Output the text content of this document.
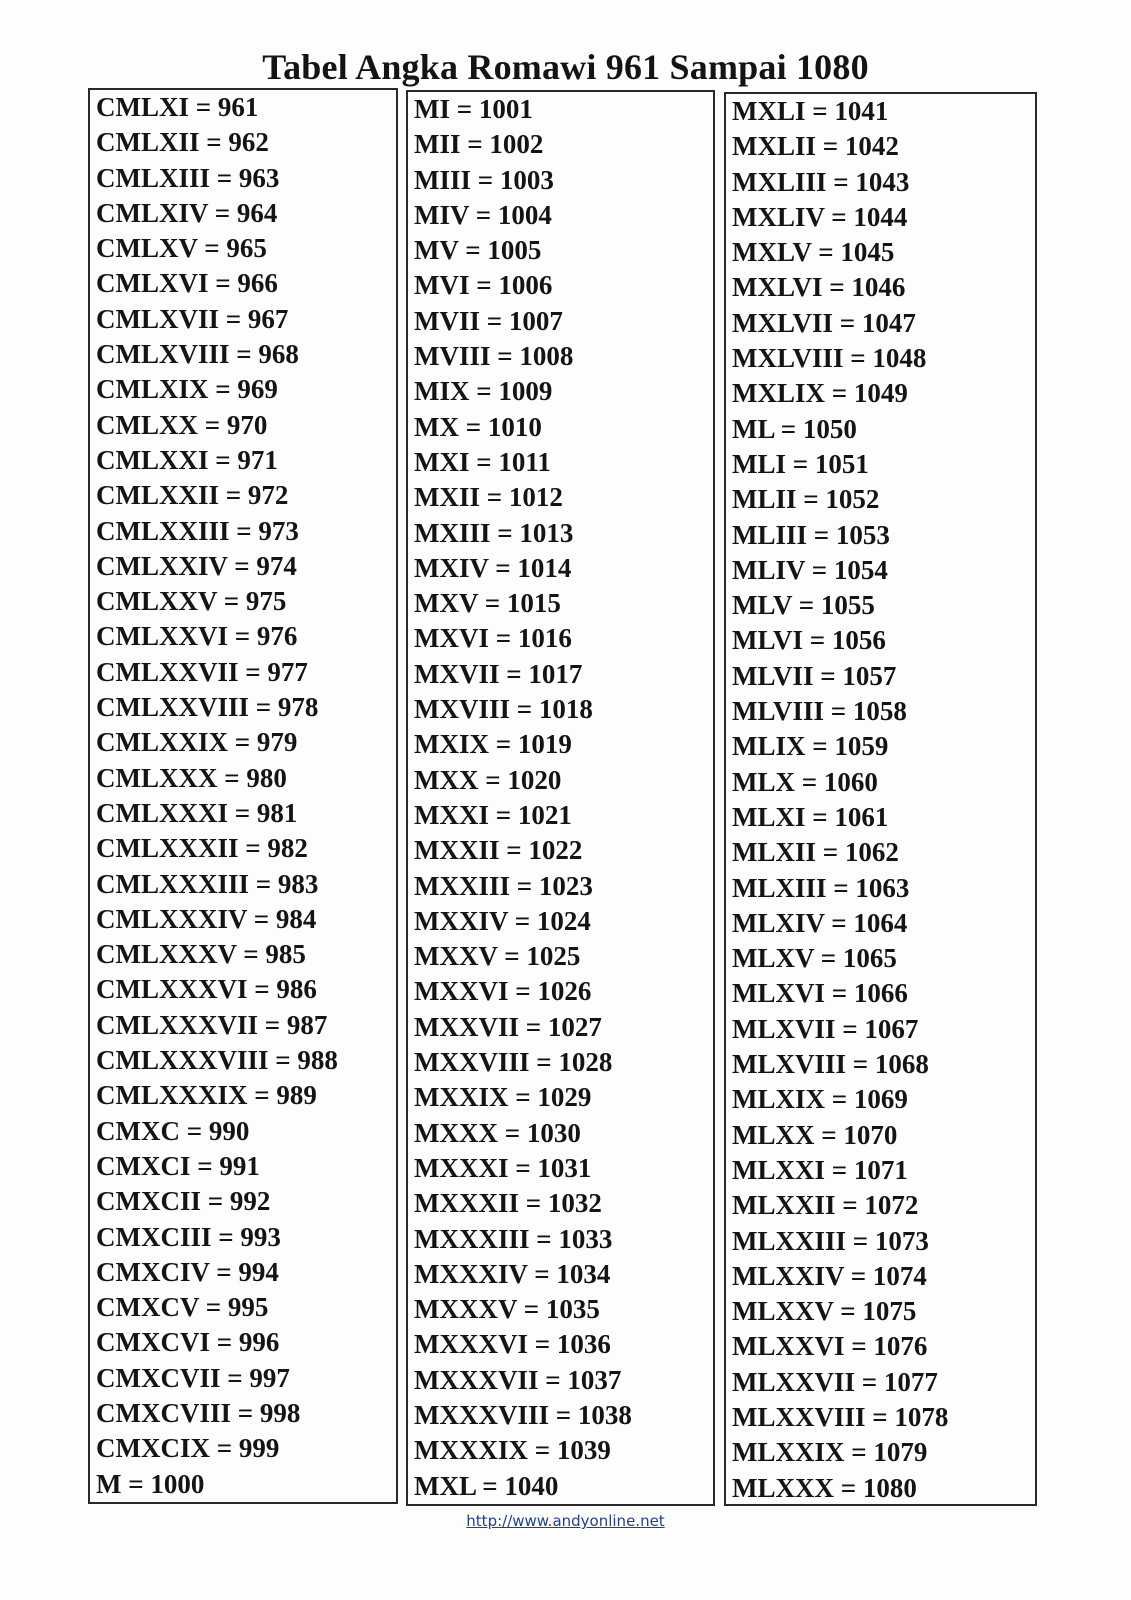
Tabel Angka Romawi 961 Sampai 1080
CMLXI = 961
CMLXII = 962
CMLXIII = 963
CMLXIV = 964
CMLXV = 965
CMLXVI = 966
CMLXVII = 967
CMLXVIII = 968
CMLXIX = 969
CMLXX = 970
CMLXXI = 971
CMLXXII = 972
CMLXXIII = 973
CMLXXIV = 974
CMLXXV = 975
CMLXXVI = 976
CMLXXVII = 977
CMLXXVIII = 978
CMLXXIX = 979
CMLXXX = 980
CMLXXXI = 981
CMLXXXII = 982
CMLXXXIII = 983
CMLXXXIV = 984
CMLXXXV = 985
CMLXXXVI = 986
CMLXXXVII = 987
CMLXXXVIII = 988
CMLXXXIX = 989
CMXC = 990
CMXCI = 991
CMXCII = 992
CMXCIII = 993
CMXCIV = 994
CMXCV = 995
CMXCVI = 996
CMXCVII = 997
CMXCVIII = 998
CMXCIX = 999
M = 1000
MI = 1001
MII = 1002
MIII = 1003
MIV = 1004
MV = 1005
MVI = 1006
MVII = 1007
MVIII = 1008
MIX = 1009
MX = 1010
MXI = 1011
MXII = 1012
MXIII = 1013
MXIV = 1014
MXV = 1015
MXVI = 1016
MXVII = 1017
MXVIII = 1018
MXIX = 1019
MXX = 1020
MXXI = 1021
MXXII = 1022
MXXIII = 1023
MXXIV = 1024
MXXV = 1025
MXXVI = 1026
MXXVII = 1027
MXXVIII = 1028
MXXIX = 1029
MXXX = 1030
MXXXI = 1031
MXXXII = 1032
MXXXIII = 1033
MXXXIV = 1034
MXXXV = 1035
MXXXVI = 1036
MXXXVII = 1037
MXXXVIII = 1038
MXXXIX = 1039
MXL = 1040
MXLI = 1041
MXLII = 1042
MXLIII = 1043
MXLIV = 1044
MXLV = 1045
MXLVI = 1046
MXLVII = 1047
MXLVIII = 1048
MXLIX = 1049
ML = 1050
MLI = 1051
MLII = 1052
MLIII = 1053
MLIV = 1054
MLV = 1055
MLVI = 1056
MLVII = 1057
MLVIII = 1058
MLIX = 1059
MLX = 1060
MLXI = 1061
MLXII = 1062
MLXIII = 1063
MLXIV = 1064
MLXV = 1065
MLXVI = 1066
MLXVII = 1067
MLXVIII = 1068
MLXIX = 1069
MLXX = 1070
MLXXI = 1071
MLXXII = 1072
MLXXIII = 1073
MLXXIV = 1074
MLXXV = 1075
MLXXVI = 1076
MLXXVII = 1077
MLXXVIII = 1078
MLXXIX = 1079
MLXXX = 1080
http://www.andyonline.net
